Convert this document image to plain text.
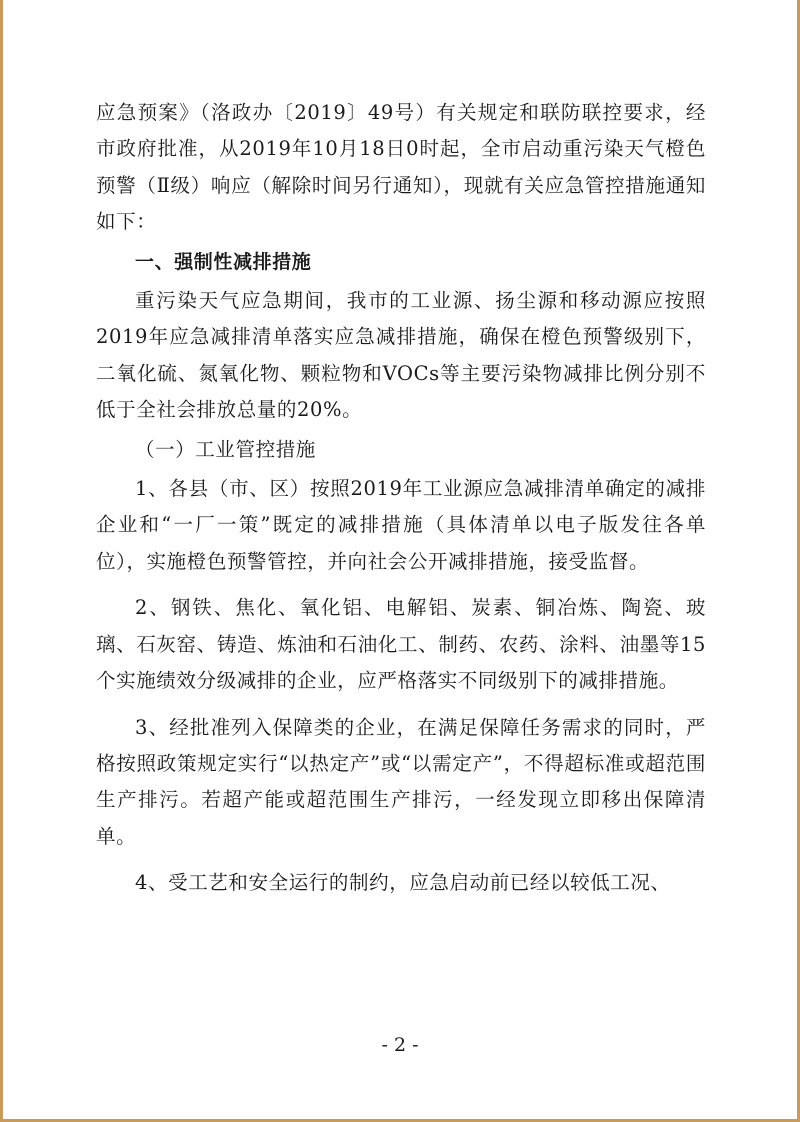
应急预案》（洛政办〔2019〕49号）有关规定和联防联控要求，经市政府批准，从2019年10月18日0时起，全市启动重污染天气橙色预警（Ⅱ级）响应（解除时间另行通知），现就有关应急管控措施通知如下：

一、强制性减排措施

重污染天气应急期间，我市的工业源、扬尘源和移动源应按照2019年应急减排清单落实应急减排措施，确保在橙色预警级别下，二氧化硫、氮氧化物、颗粒物和VOCs等主要污染物减排比例分别不低于全社会排放总量的20%。

（一）工业管控措施

1、各县（市、区）按照2019年工业源应急减排清单确定的减排企业和“一厂一策”既定的减排措施（具体清单以电子版发往各单位），实施橙色预警管控，并向社会公开减排措施，接受监督。

2、钢铁、焦化、氧化铝、电解铝、炭素、铜冶炼、陶瓷、玻璃、石灰窑、铸造、炼油和石油化工、制药、农药、涂料、油墨等15个实施绩效分级减排的企业，应严格落实不同级别下的减排措施。

3、经批准列入保障类的企业，在满足保障任务需求的同时，严格按照政策规定实行“以热定产”或“以需定产”，不得超标准或超范围生产排污。若超产能或超范围生产排污，一经发现立即移出保障清单。

4、受工艺和安全运行的制约，应急启动前已经以较低工况、

- 2 -
